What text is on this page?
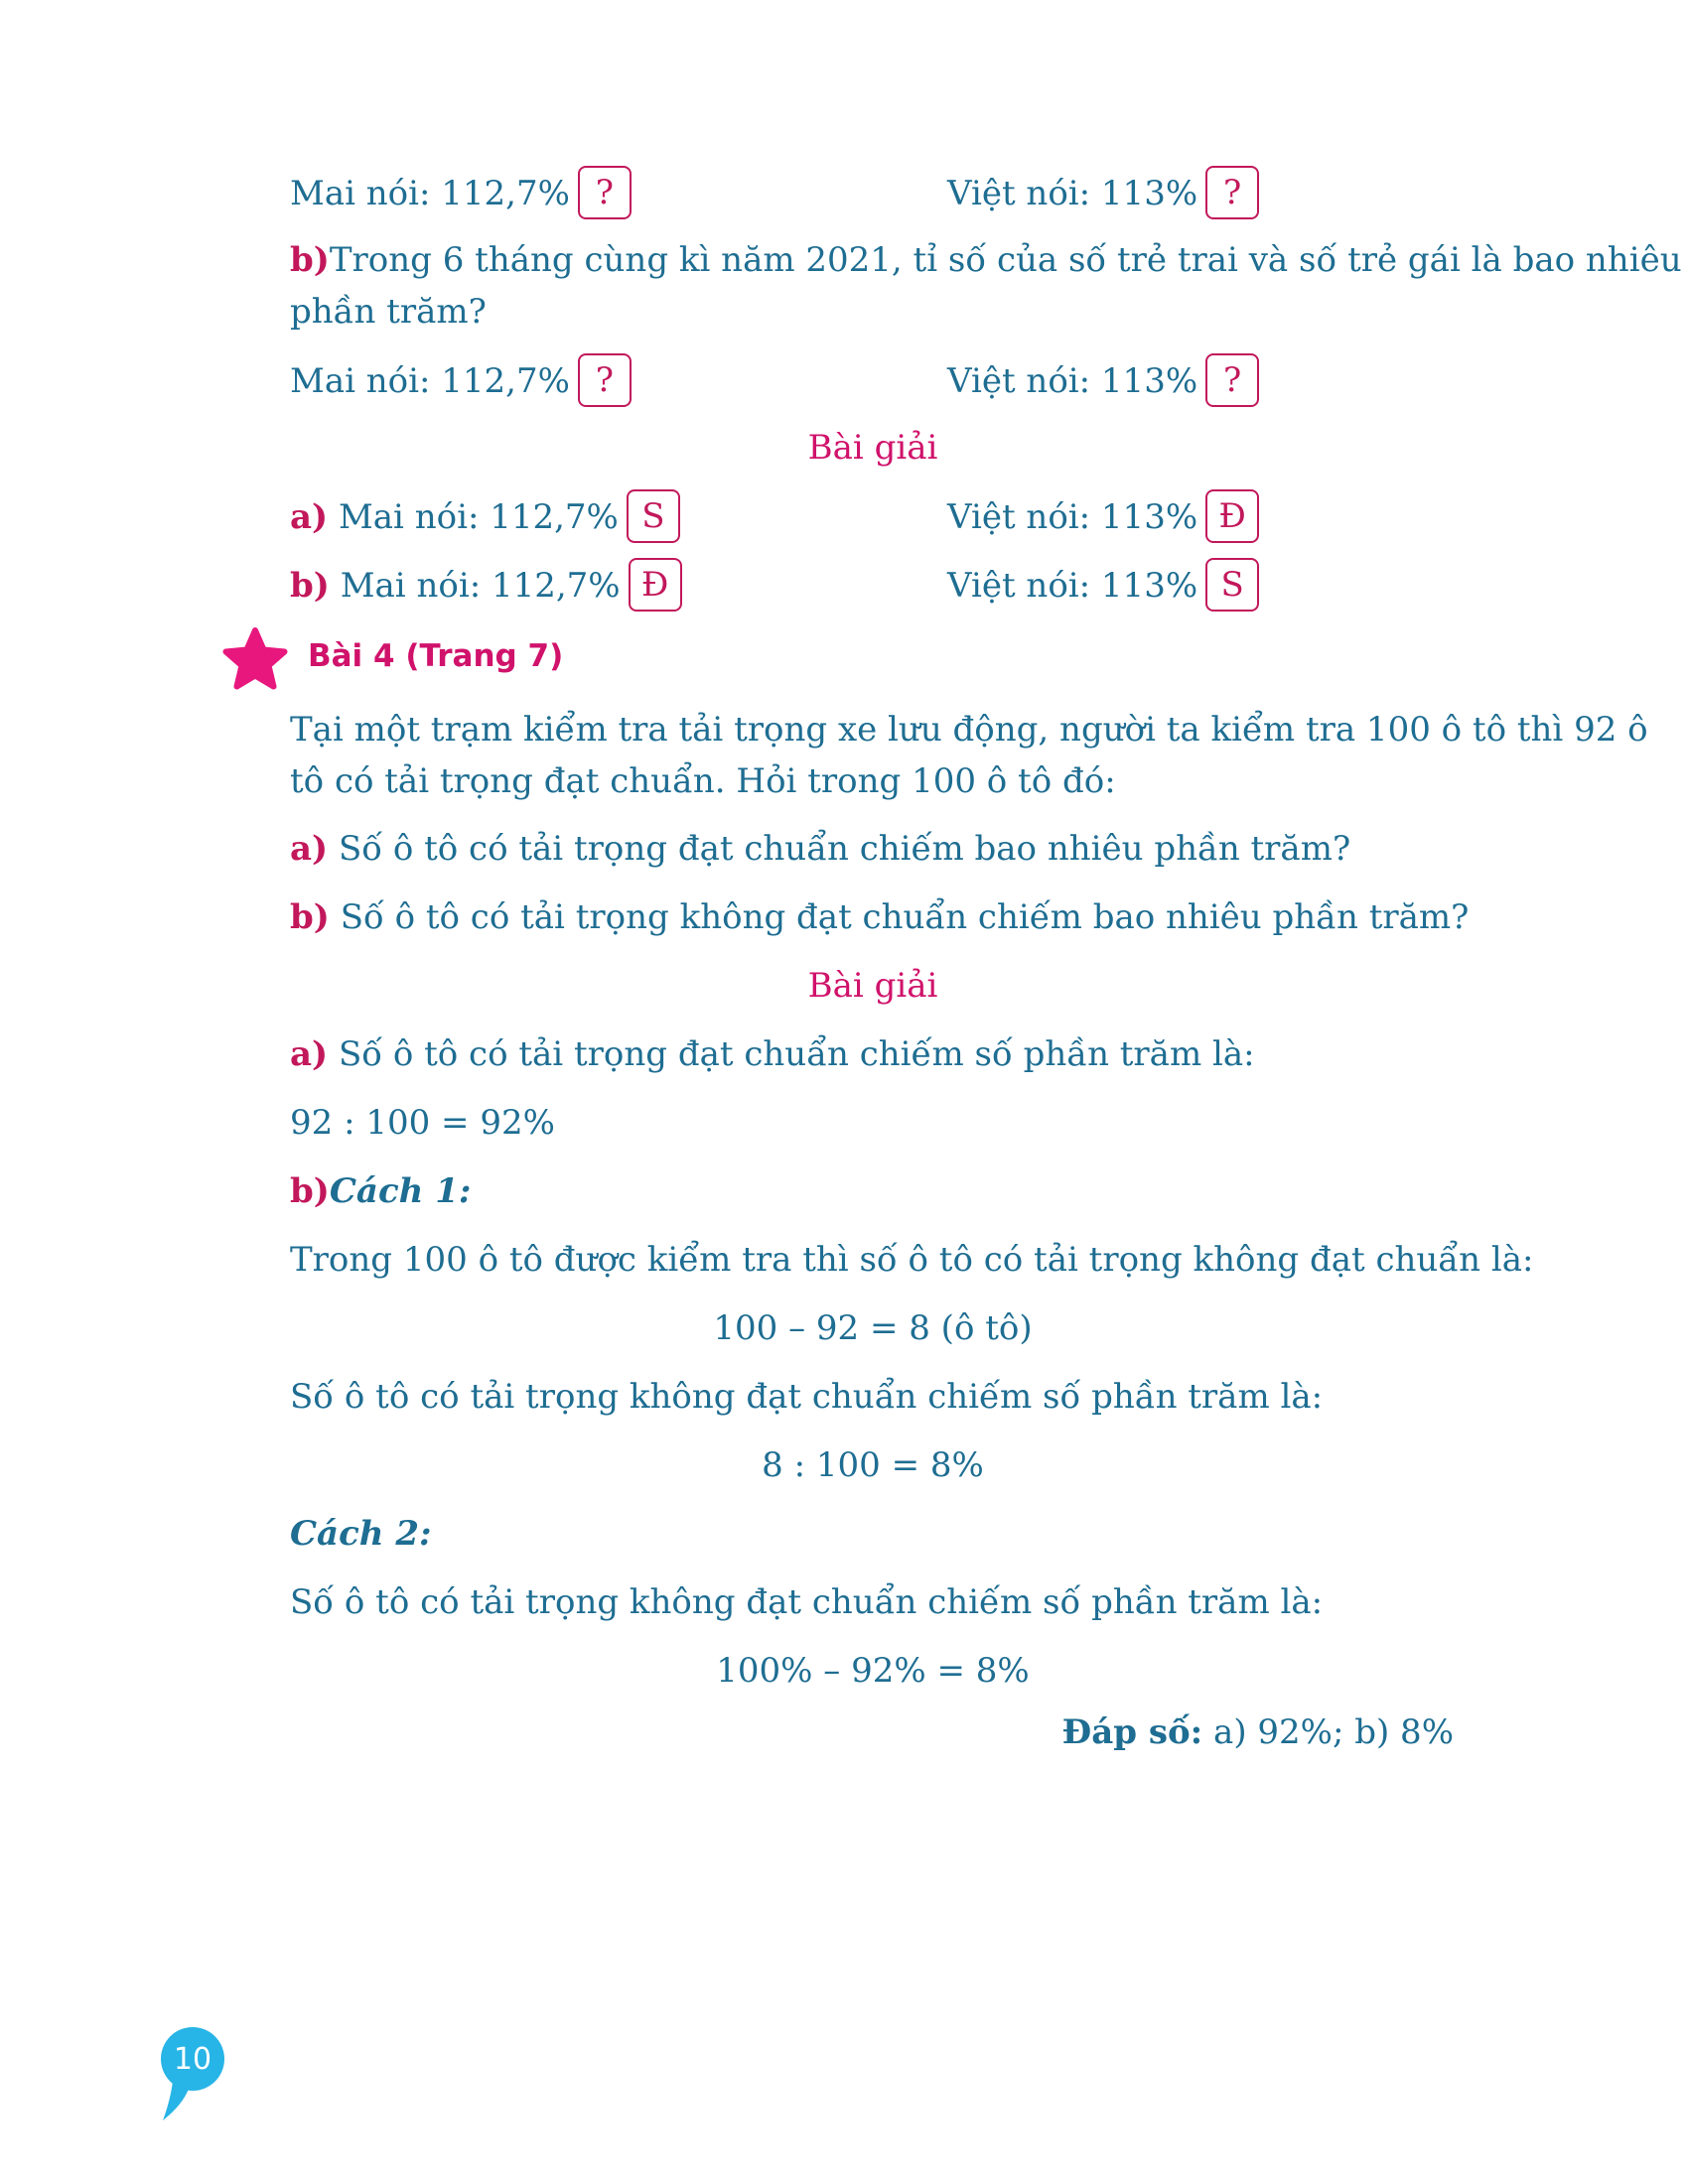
Mai nói: 112,7% ?	Việt nói: 113% ?
b)Trong 6 tháng cùng kì năm 2021, tỉ số của số trẻ trai và số trẻ gái là bao nhiêu
phần trăm?
Mai nói: 112,7% ?	Việt nói: 113% ?
Bài giải
a) Mai nói: 112,7% S	Việt nói: 113% Đ
b) Mai nói: 112,7% Đ	Việt nói: 113% S
Bài 4 (Trang 7)
Tại một trạm kiểm tra tải trọng xe lưu động, người ta kiểm tra 100 ô tô thì 92 ô
tô có tải trọng đạt chuẩn. Hỏi trong 100 ô tô đó:
a) Số ô tô có tải trọng đạt chuẩn chiếm bao nhiêu phần trăm?
b) Số ô tô có tải trọng không đạt chuẩn chiếm bao nhiêu phần trăm?
Bài giải
a) Số ô tô có tải trọng đạt chuẩn chiếm số phần trăm là:
92 : 100 = 92%
b)Cách 1:
Trong 100 ô tô được kiểm tra thì số ô tô có tải trọng không đạt chuẩn là:
100 – 92 = 8 (ô tô)
Số ô tô có tải trọng không đạt chuẩn chiếm số phần trăm là:
8 : 100 = 8%
Cách 2:
Số ô tô có tải trọng không đạt chuẩn chiếm số phần trăm là:
100% – 92% = 8%
Đáp số: a) 92%; b) 8%
10
